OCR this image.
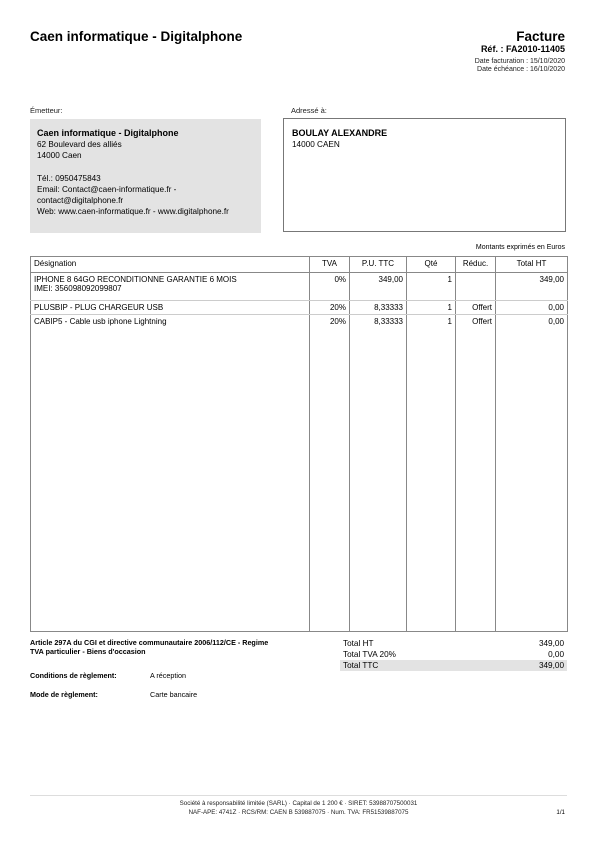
Caen informatique - Digitalphone	Facture
Réf. : FA2010-11405
Date facturation : 15/10/2020
Date échéance : 16/10/2020
Émetteur:
Caen informatique - Digitalphone
62 Boulevard des alliés
14000 Caen
Tél.: 0950475843
Email: Contact@caen-informatique.fr -
contact@digitalphone.fr
Web: www.caen-informatique.fr - www.digitalphone.fr
Adressé à:
BOULAY ALEXANDRE
14000 CAEN
Montants exprimés en Euros
Désignation	TVA	P.U. TTC	Qté	Réduc.	Total HT

IPHONE 8 64GO RECONDITIONNE GARANTIE 6 MOIS
IMEI: 356098092099807	0%	349,00	1		349,00
PLUSBIP - PLUG CHARGEUR USB	20%	8,33333	1	Offert	0,00
CABIP5 - Cable usb iphone Lightning	20%	8,33333	1	Offert	0,00
Article 297A du CGI et directive communautaire 2006/112/CE - Regime
TVA particulier - Biens d'occasion
Conditions de règlement:	A réception
Mode de règlement:	Carte bancaire
Total HT	349,00
Total TVA 20%	0,00
Total TTC	349,00
Société à responsabilité limitée (SARL) · Capital de 1 200 € · SIRET: 53988707500031
NAF-APE: 4741Z · RCS/RM: CAEN B 539887075 · Num. TVA: FR51539887075	1/1
